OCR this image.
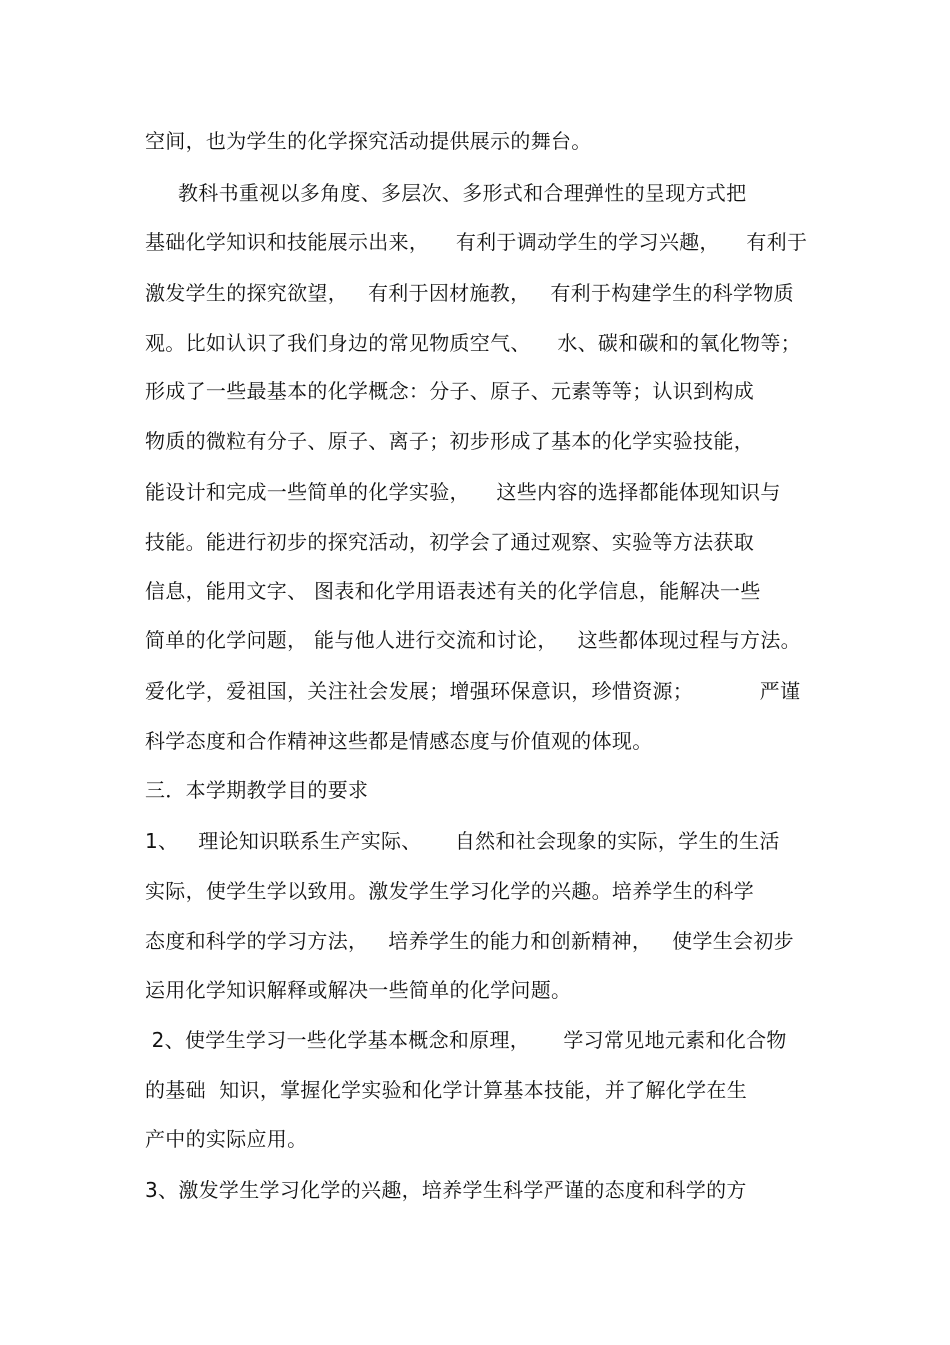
空间，也为学生的化学探究活动提供展示的舞台。
教科书重视以多角度、多层次、多形式和合理弹性的呈现方式把
基础化学知识和技能展示出来，    有利于调动学生的学习兴趣，    有利于
激发学生的探究欲望，   有利于因材施教，   有利于构建学生的科学物质
观。比如认识了我们身边的常见物质空气、    水、碳和碳和的氧化物等；
形成了一些最基本的化学概念：分子、原子、元素等等；认识到构成
物质的微粒有分子、原子、离子；初步形成了基本的化学实验技能，
能设计和完成一些简单的化学实验，    这些内容的选择都能体现知识与
技能。能进行初步的探究活动，初学会了通过观察、实验等方法获取
信息，能用文字、 图表和化学用语表述有关的化学信息，能解决一些
简单的化学问题， 能与他人进行交流和讨论，   这些都体现过程与方法。
爱化学，爱祖国，关注社会发展；增强环保意识，珍惜资源；          严谨
科学态度和合作精神这些都是情感态度与价值观的体现。
三．本学期教学目的要求
1、   理论知识联系生产实际、     自然和社会现象的实际，学生的生活
实际，使学生学以致用。激发学生学习化学的兴趣。培养学生的科学
态度和科学的学习方法，   培养学生的能力和创新精神，   使学生会初步
运用化学知识解释或解决一些简单的化学问题。
2、使学生学习一些化学基本概念和原理，     学习常见地元素和化合物
的基础  知识，掌握化学实验和化学计算基本技能，并了解化学在生
产中的实际应用。
3、激发学生学习化学的兴趣，培养学生科学严谨的态度和科学的方
